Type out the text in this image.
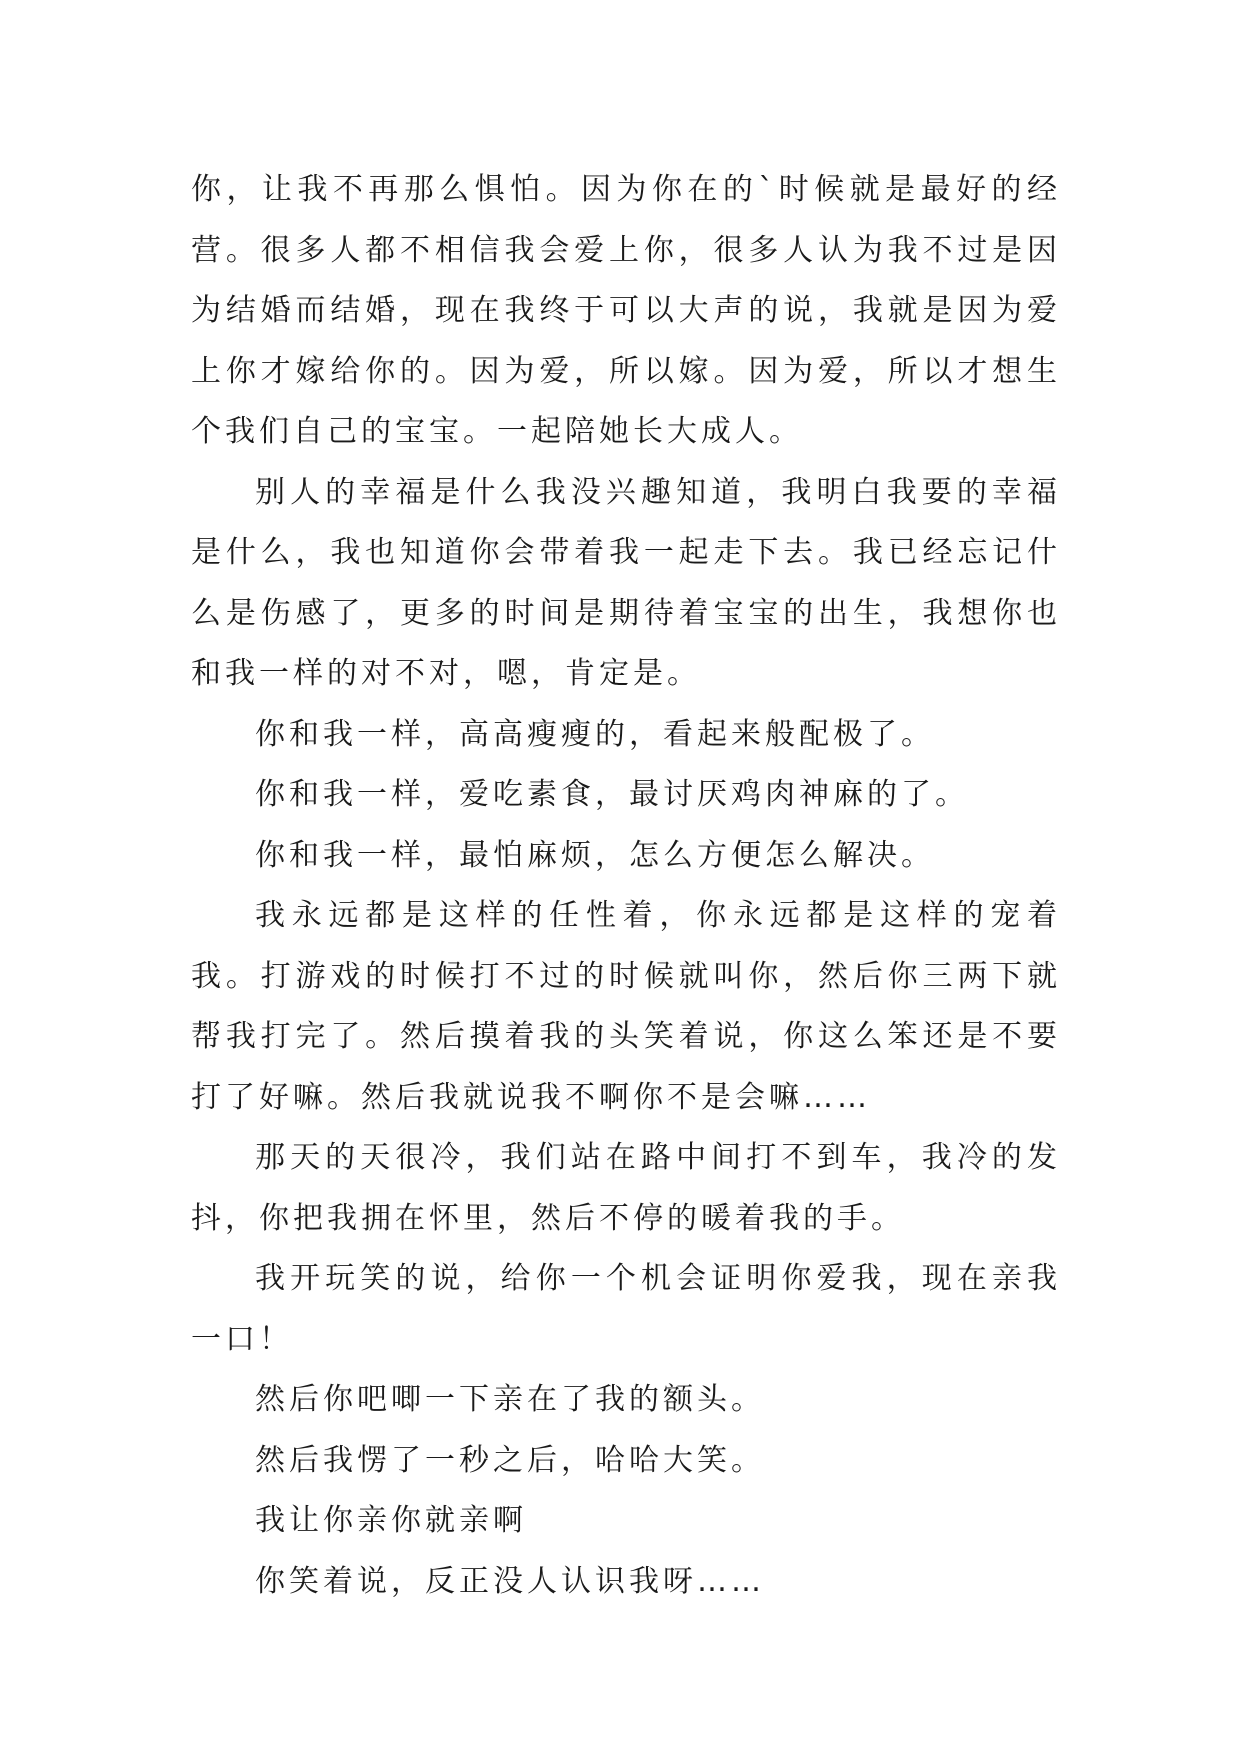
你，让我不再那么惧怕。因为你在的`时候就是最好的经营。很多人都不相信我会爱上你，很多人认为我不过是因为结婚而结婚，现在我终于可以大声的说，我就是因为爱上你才嫁给你的。因为爱，所以嫁。因为爱，所以才想生个我们自己的宝宝。一起陪她长大成人。

别人的幸福是什么我没兴趣知道，我明白我要的幸福是什么，我也知道你会带着我一起走下去。我已经忘记什么是伤感了，更多的时间是期待着宝宝的出生，我想你也和我一样的对不对，嗯，肯定是。

你和我一样，高高瘦瘦的，看起来般配极了。

你和我一样，爱吃素食，最讨厌鸡肉神麻的了。

你和我一样，最怕麻烦，怎么方便怎么解决。

我永远都是这样的任性着，你永远都是这样的宠着我。打游戏的时候打不过的时候就叫你，然后你三两下就帮我打完了。然后摸着我的头笑着说，你这么笨还是不要打了好嘛。然后我就说我不啊你不是会嘛……

那天的天很冷，我们站在路中间打不到车，我冷的发抖，你把我拥在怀里，然后不停的暖着我的手。

我开玩笑的说，给你一个机会证明你爱我，现在亲我一口！

然后你吧唧一下亲在了我的额头。

然后我愣了一秒之后，哈哈大笑。

我让你亲你就亲啊

你笑着说，反正没人认识我呀……
